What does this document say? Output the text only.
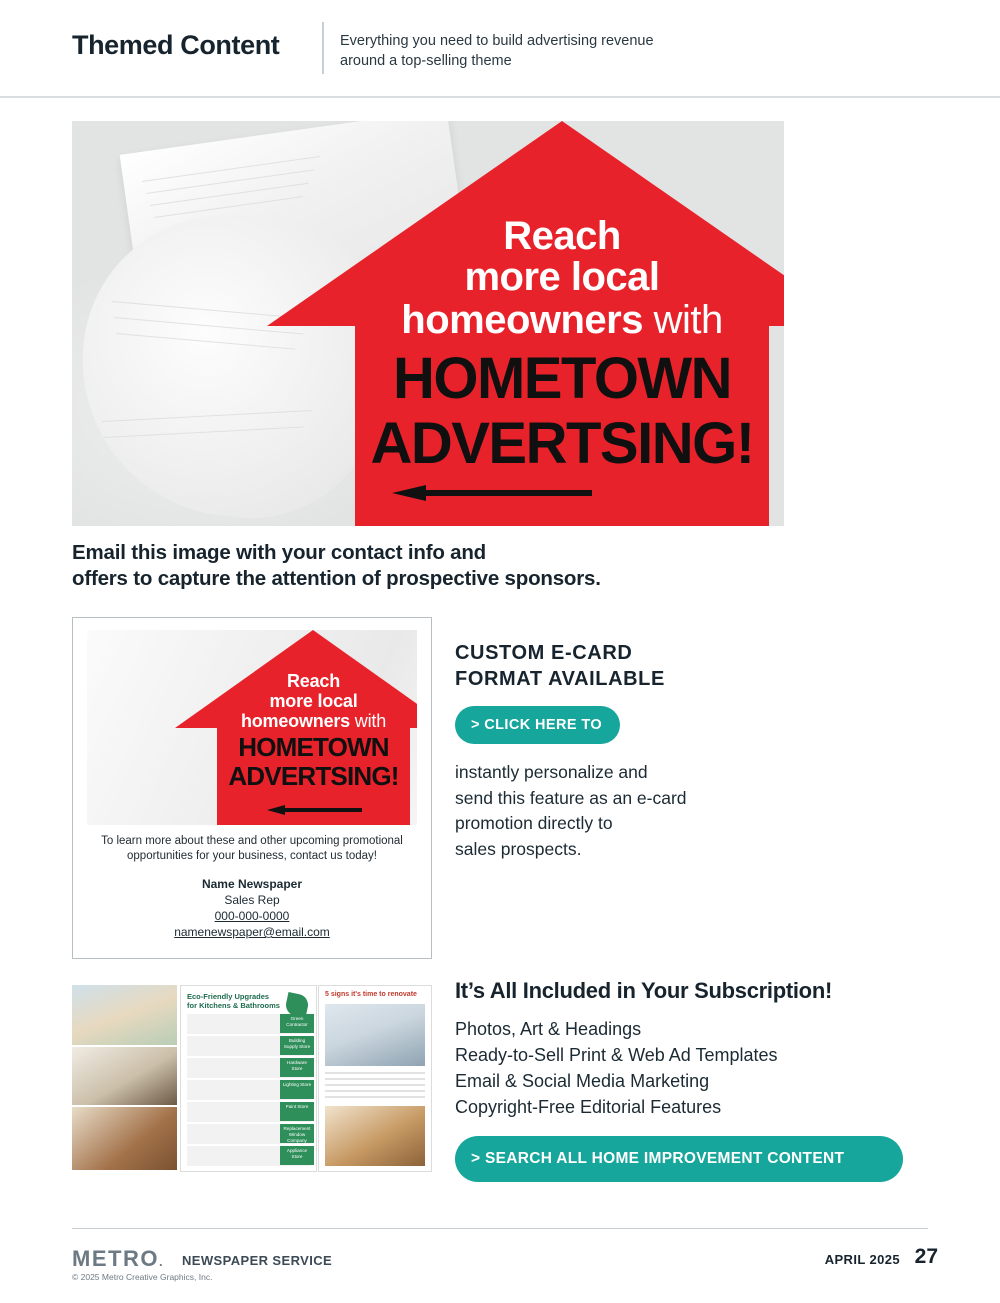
Themed Content	Everything you need to build advertising revenue around a top-selling theme
Reach
more local
homeowners with
HOMETOWN
ADVERTSING!
Email this image with your contact info and
offers to capture the attention of prospective sponsors.
Reach
more local
homeowners with
HOMETOWN
ADVERTSING!
To learn more about these and other upcoming promotional
opportunities for your business, contact us today!
Name Newspaper
Sales Rep
000-000-0000
namenewspaper@email.com
CUSTOM E-CARD
FORMAT AVAILABLE
> CLICK HERE TO
instantly personalize and
send this feature as an e-card
promotion directly to
sales prospects.
Eco-Friendly Upgrades
for Kitchens & Bathrooms
Green Contractor
Building Supply Store
Hardware Store
Lighting Store
Paint Store
Replacement Window Company
Appliance Store
5 signs it's time to renovate	It’s All Included in Your Subscription!
Photos, Art & Headings
Ready-to-Sell Print & Web Ad Templates
Email & Social Media Marketing
Copyright-Free Editorial Features
> SEARCH ALL HOME IMPROVEMENT CONTENT
METRO. NEWSPAPER SERVICE
© 2025 Metro Creative Graphics, Inc.
APRIL 2025 27
